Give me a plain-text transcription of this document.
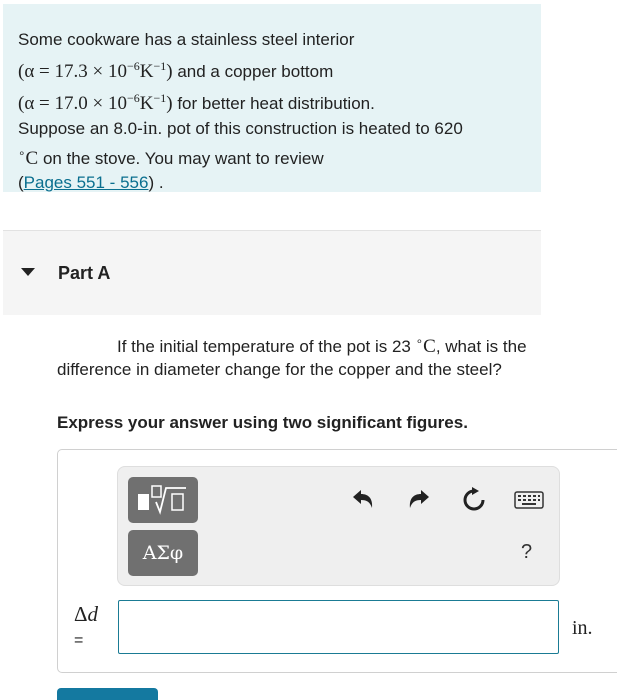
Some cookware has a stainless steel interior
$(\alpha = 17.3 \times 10^{-6}K^{-1})$ and a copper bottom
$(\alpha = 17.0 \times 10^{-6}K^{-1})$ for better heat distribution.
Suppose an 8.0-in. pot of this construction is heated to 620
∘C on the stove. You may want to review
(Pages 551 - 556) .
Part A
If the initial temperature of the pot is 23 ∘C, what is the difference in diameter change for the copper and the steel?
Express your answer using two significant figures.
ΑΣφ	?
Δd
=
in.
